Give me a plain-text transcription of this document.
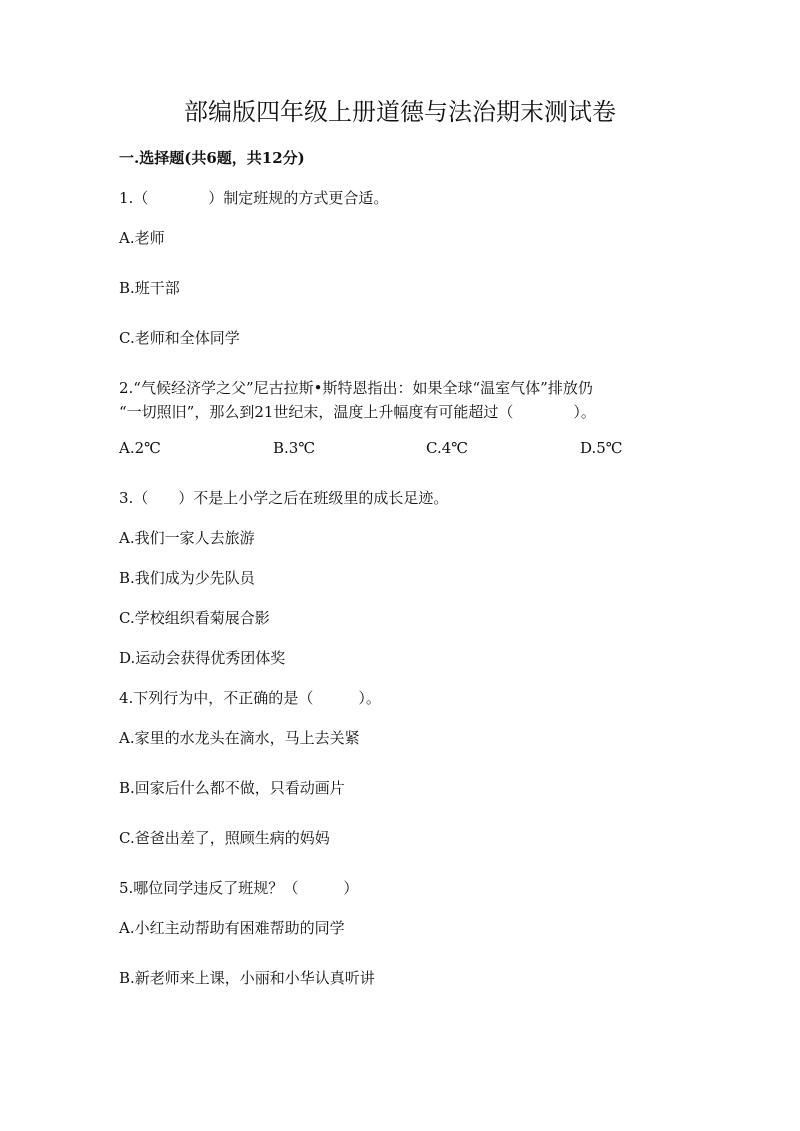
部编版四年级上册道德与法治期末测试卷
一.选择题(共6题，共12分)
1.（　　　　）制定班规的方式更合适。
A.老师
B.班干部
C.老师和全体同学
2.“气候经济学之父”尼古拉斯•斯特恩指出：如果全球“温室气体”排放仍
“一切照旧”，那么到21世纪末，温度上升幅度有可能超过（　　　　）。
A.2℃	B.3℃	C.4℃	D.5℃
3.（　　）不是上小学之后在班级里的成长足迹。
A.我们一家人去旅游
B.我们成为少先队员
C.学校组织看菊展合影
D.运动会获得优秀团体奖
4.下列行为中，不正确的是（　　　）。
A.家里的水龙头在滴水，马上去关紧
B.回家后什么都不做，只看动画片
C.爸爸出差了，照顾生病的妈妈
5.哪位同学违反了班规？（　　　）
A.小红主动帮助有困难帮助的同学
B.新老师来上课，小丽和小华认真听讲
